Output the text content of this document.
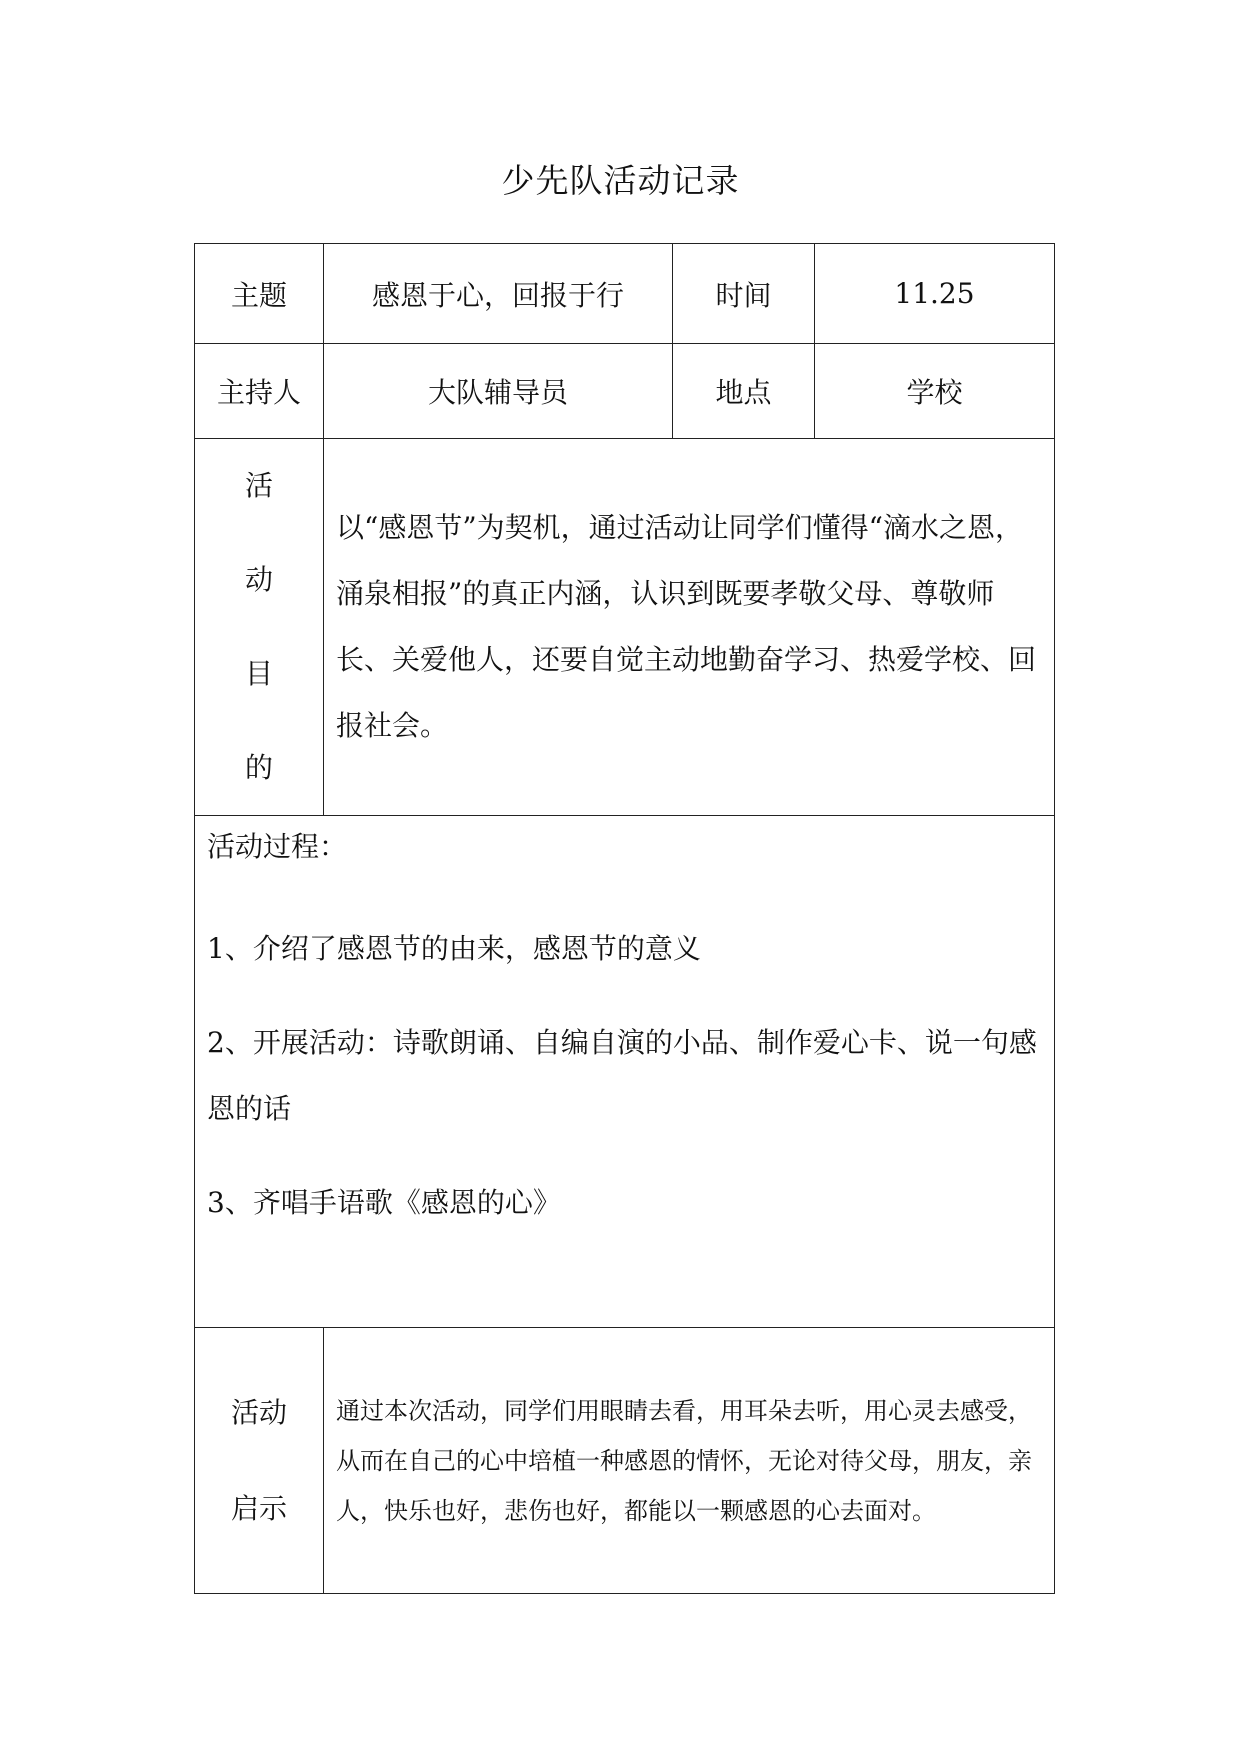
少先队活动记录
主题	感恩于心，回报于行	时间	11.25
主持人	大队辅导员	地点	学校

活
动
目
的	以“感恩节”为契机，通过活动让同学们懂得“滴水之恩，涌泉相报”的真正内涵，认识到既要孝敬父母、尊敬师长、关爱他人，还要自觉主动地勤奋学习、热爱学校、回报社会。		

活动过程：
1、介绍了感恩节的由来，感恩节的意义
2、开展活动：诗歌朗诵、自编自演的小品、制作爱心卡、说一句感恩的话
3、齐唱手语歌《感恩的心》			

活动
启示	通过本次活动，同学们用眼睛去看，用耳朵去听，用心灵去感受，从而在自己的心中培植一种感恩的情怀，无论对待父母，朋友，亲人，快乐也好，悲伤也好，都能以一颗感恩的心去面对。		
